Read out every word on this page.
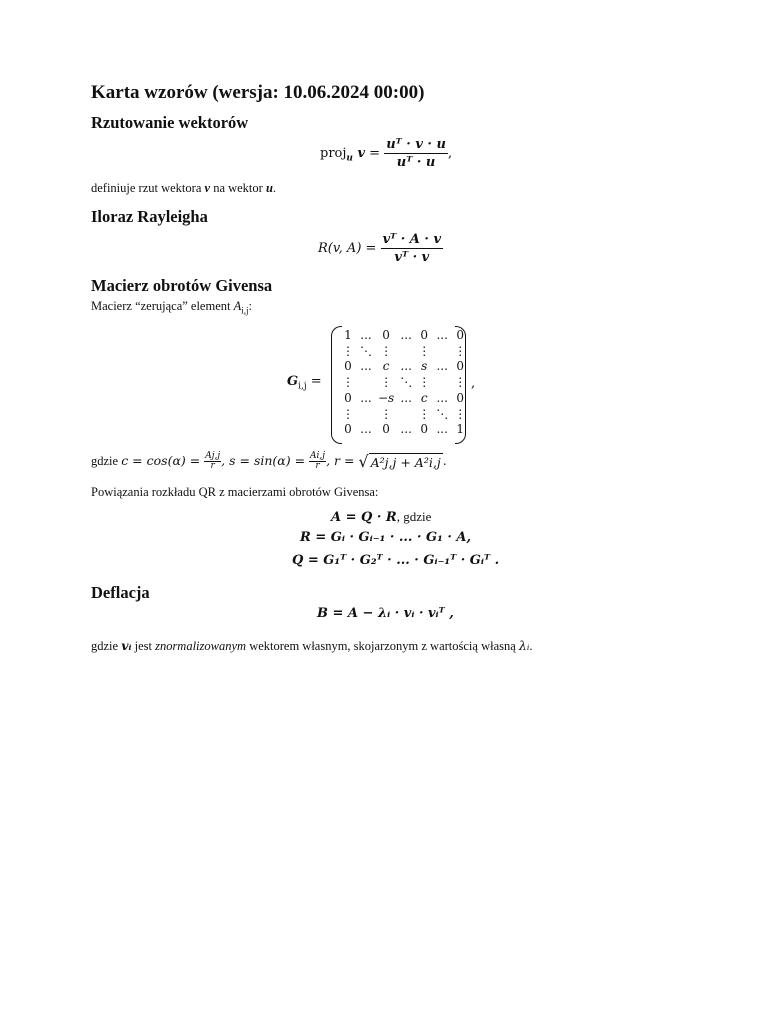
Karta wzorów (wersja: 10.06.2024 00:00)
Rzutowanie wektorów
proj$_u$ $v = \frac{\text{uᵀ · v · u}}{\text{uᵀ · u}}$ ,
definiuje rzut wektora v na wektor u.
Iloraz Rayleigha
R(v, $A) = \frac{\text{vᵀ · A · v}}{\text{vᵀ · v}}$
Macierz obrotów Givensa
Macierz “zerująca” element $A_{i,j}$:
$G_{i,j}$ =
1	...	0	...	0	...	0
⋮	⋱	⋮		⋮		⋮
0	...	c	...	s	...	0
⋮		⋮	⋱	⋮		⋮
0	...	−s	...	c	...	0
⋮		⋮		⋮	⋱	⋮
0	...	0	...	0	...	1
,
gdzie $c = \cos(\alpha) = \frac{Aj,j}{r}$ , $s = \sin(\alpha) = \frac{Ai,j}{r}$ , r = √ A²j,j + A²i,j .
Powiązania rozkładu QR z macierzami obrotów Givensa:
A = Q · R, gdzie
R = Gᵢ · Gᵢ₋₁ · ... · G₁ · A,
Q = G₁ᵀ · G₂ᵀ · ... · Gᵢ₋₁ᵀ · Gᵢᵀ .
Deflacja
B = A − λᵢ · vᵢ · vᵢᵀ ,
gdzie vᵢ jest znormalizowanym wektorem własnym, skojarzonym z wartością własną λᵢ.
